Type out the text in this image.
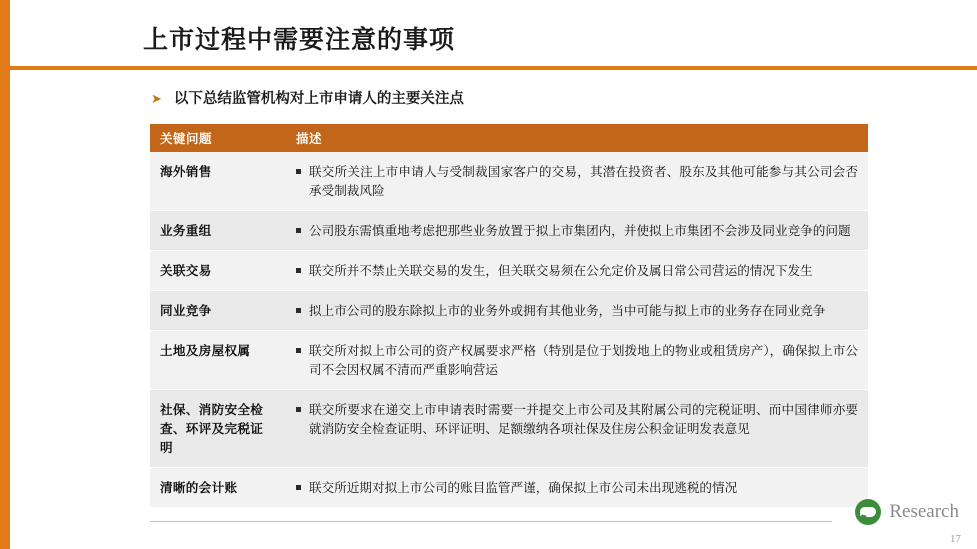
上市过程中需要注意的事项
➤ 以下总结监管机构对上市申请人的主要关注点
关键问题	描述
海外销售	联交所关注上市申请人与受制裁国家客户的交易，其潜在投资者、股东及其他可能参与其公司会否承受制裁风险

业务重组	公司股东需慎重地考虑把那些业务放置于拟上市集团内，并使拟上市集团不会涉及同业竞争的问题

关联交易	联交所并不禁止关联交易的发生，但关联交易须在公允定价及属日常公司营运的情况下发生

同业竞争	拟上市公司的股东除拟上市的业务外或拥有其他业务，当中可能与拟上市的业务存在同业竞争

土地及房屋权属	联交所对拟上市公司的资产权属要求严格（特别是位于划拨地上的物业或租赁房产），确保拟上市公司不会因权属不清而严重影响营运

社保、消防安全检查、环评及完税证明	联交所要求在递交上市申请表时需要一并提交上市公司及其附属公司的完税证明、而中国律师亦要就消防安全检查证明、环评证明、足额缴纳各项社保及住房公积金证明发表意见

清晰的会计账	联交所近期对拟上市公司的账目监管严谨，确保拟上市公司未出现逃税的情况
Research
17
